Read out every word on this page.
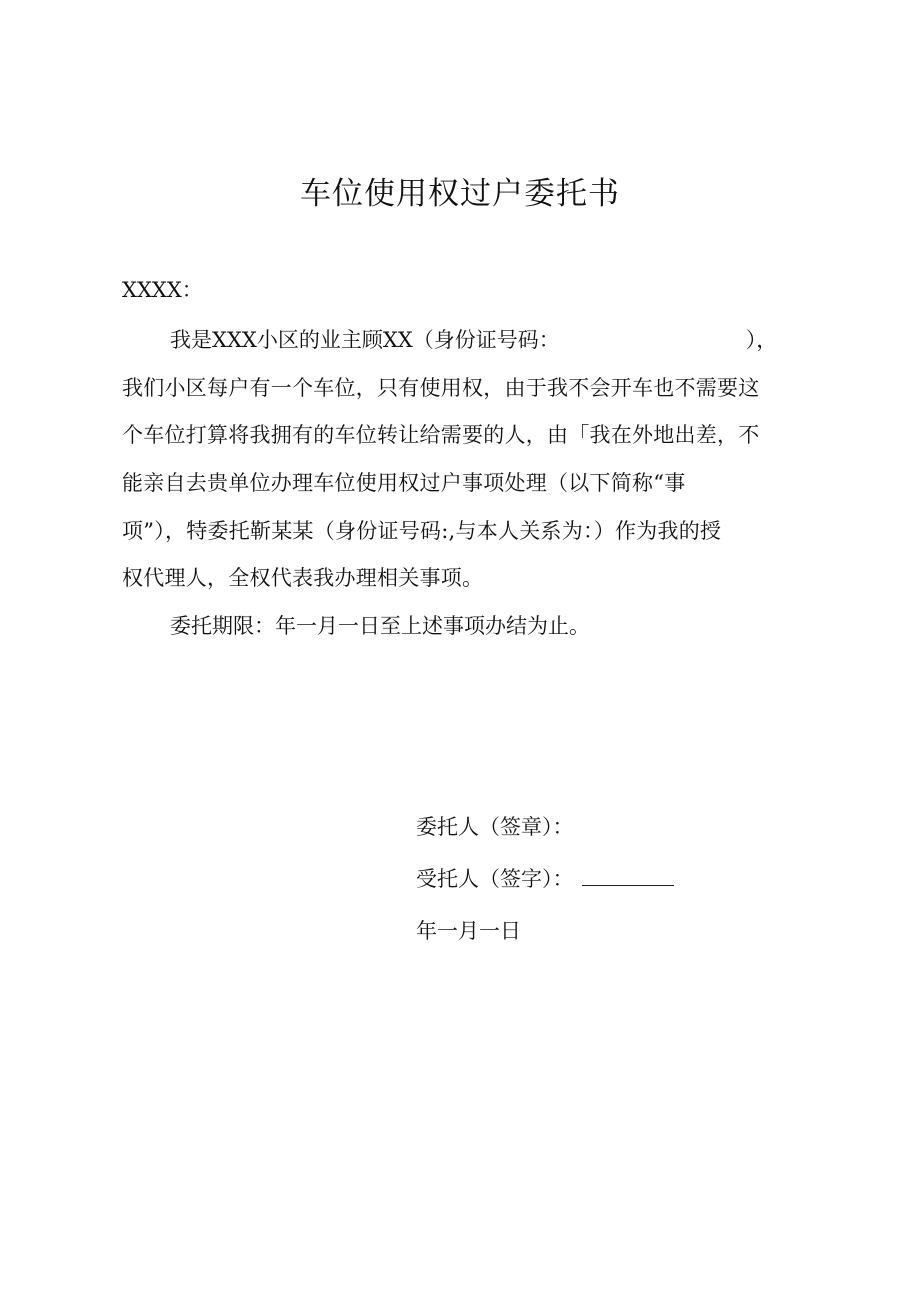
车位使用权过户委托书
XXXX：
我是XXX小区的业主顾XX（身份证号码：	），
我们小区每户有一个车位，只有使用权，由于我不会开车也不需要这
个车位打算将我拥有的车位转让给需要的人，由「我在外地出差，不
能亲自去贵单位办理车位使用权过户事项处理（以下简称“事
项”），特委托靳某某（身份证号码:,与本人关系为：）作为我的授
权代理人，全权代表我办理相关事项。
委托期限：年一月一日至上述事项办结为止。
委托人（签章）：
受托人（签字）：
年一月一日
